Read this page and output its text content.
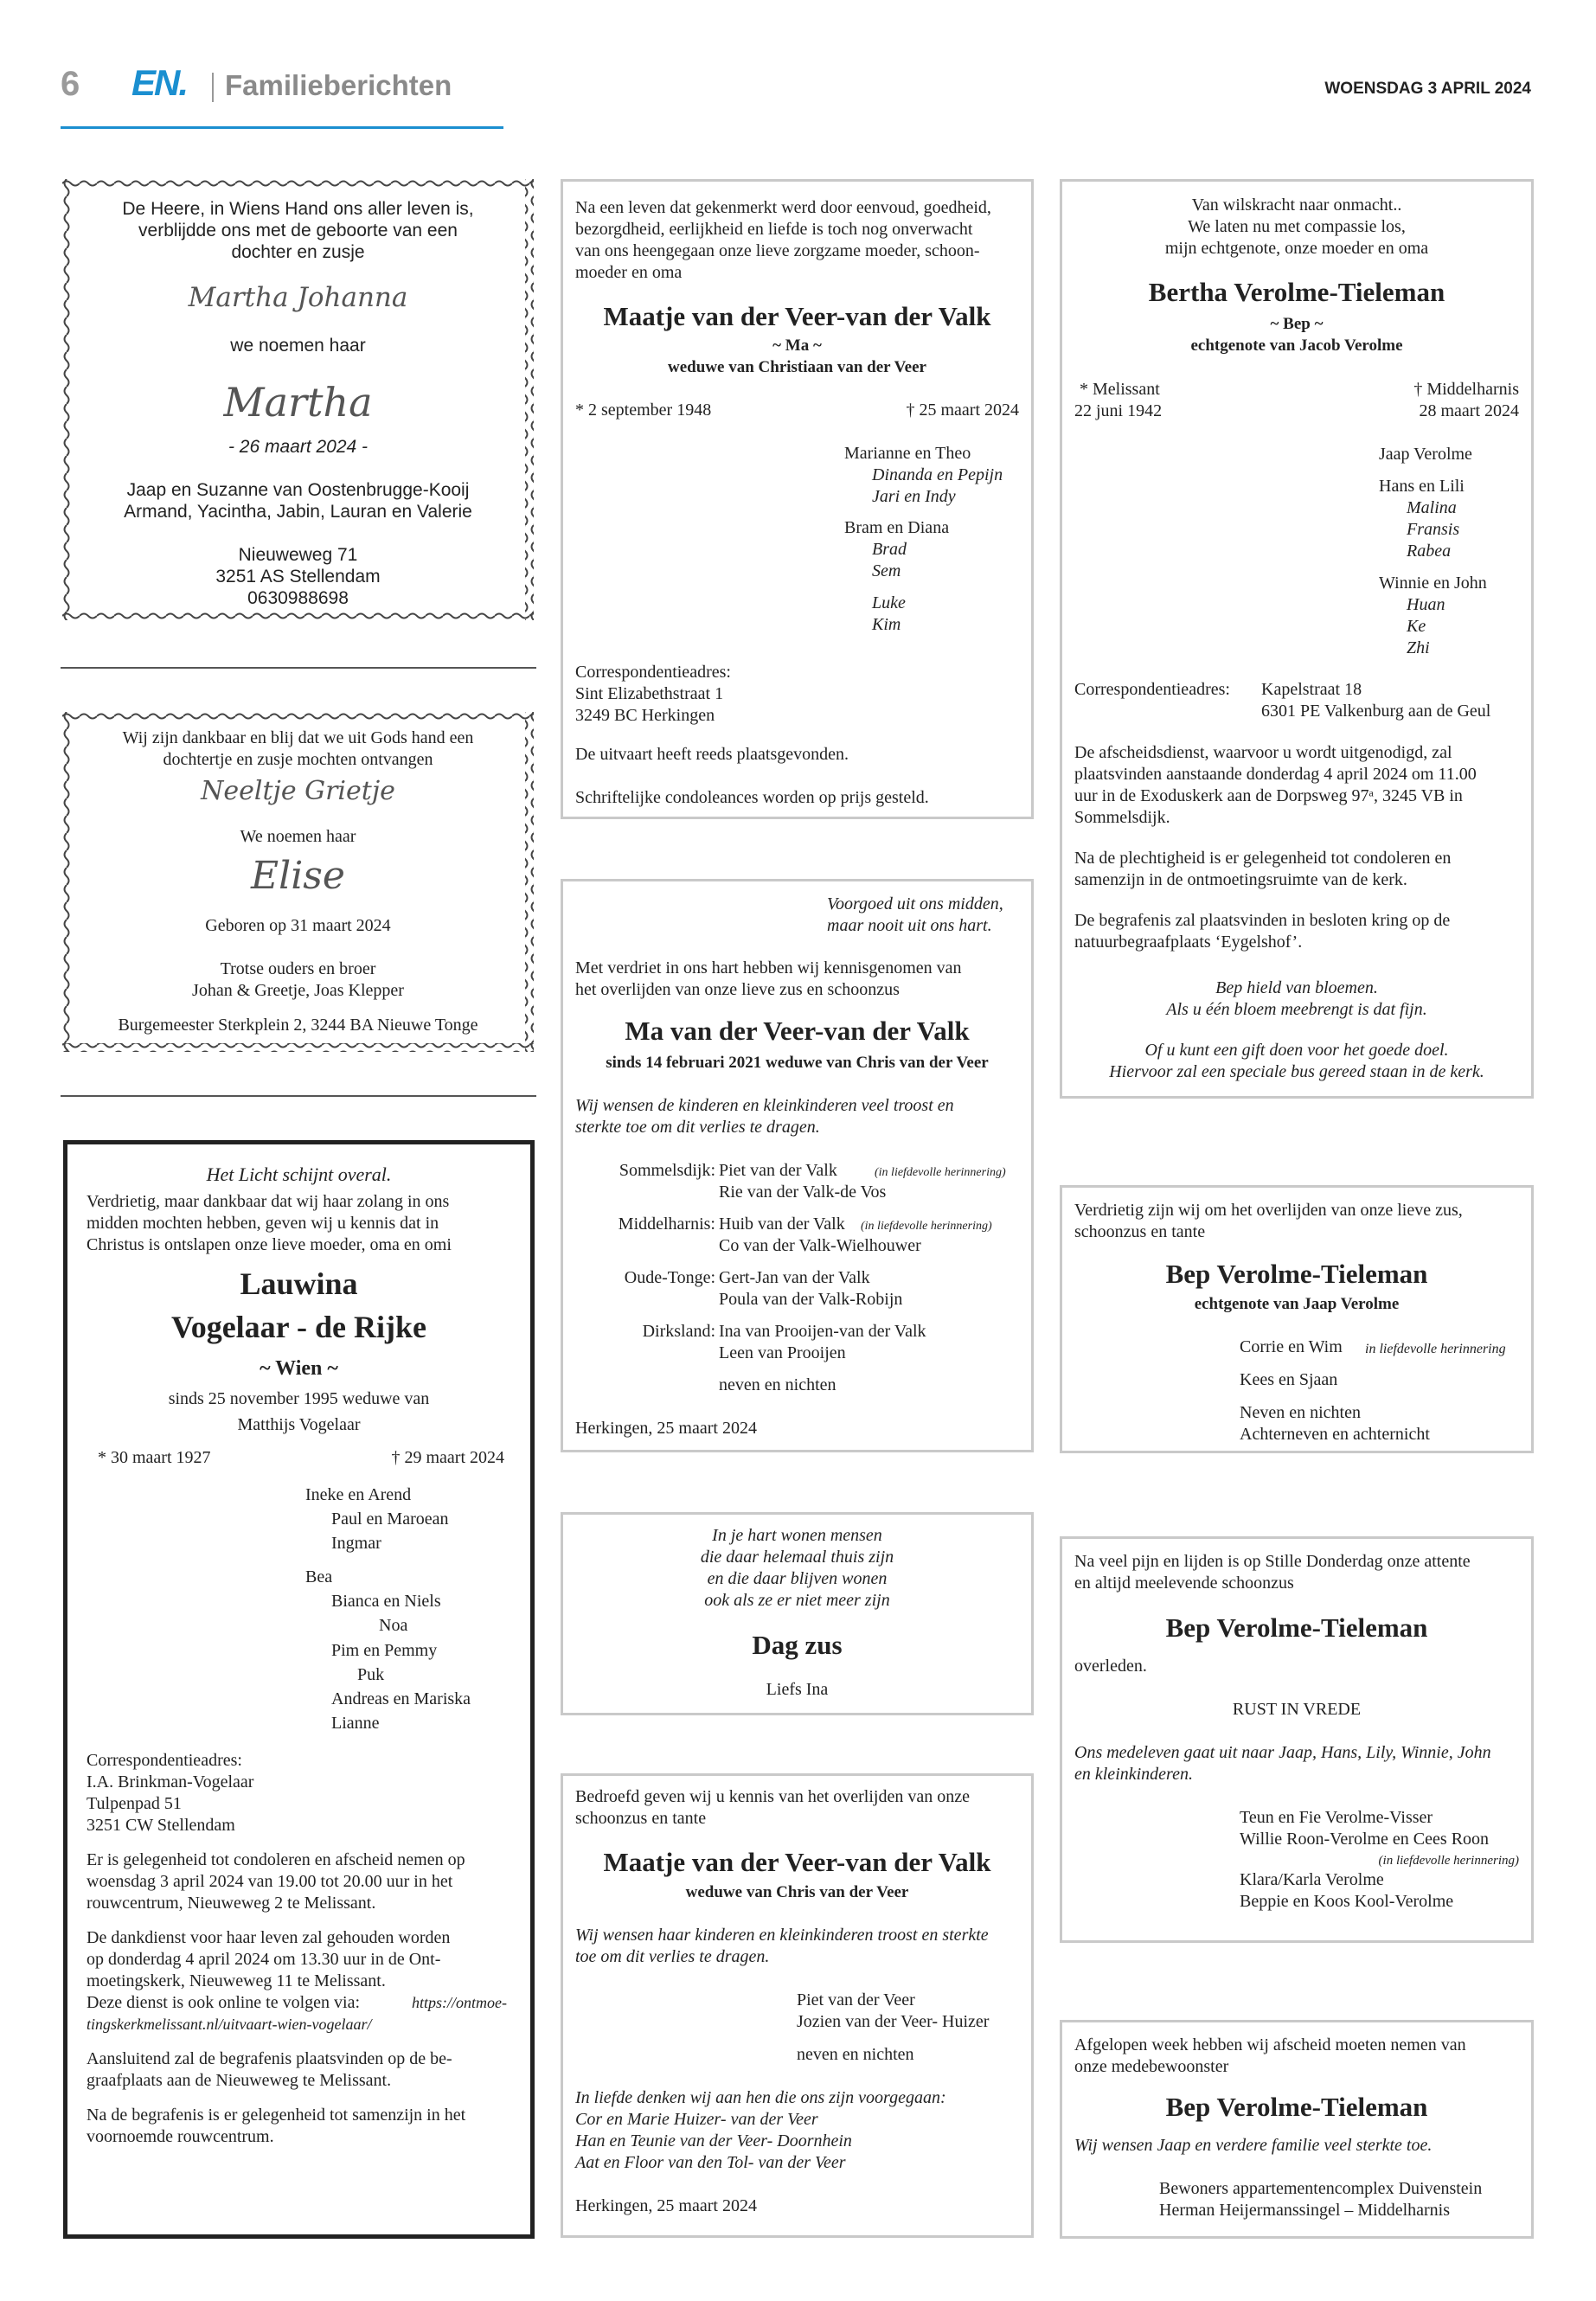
6 EN. Familieberichten	WOENSDAG 3 APRIL 2024
De Heere, in Wiens Hand ons aller leven is,
verblijdde ons met de geboorte van een
dochter en zusje
Martha Johanna
we noemen haar
Martha
- 26 maart 2024 -
Jaap en Suzanne van Oostenbrugge-Kooij
Armand, Yacintha, Jabin, Lauran en Valerie
Nieuweweg 71
3251 AS Stellendam
0630988698
Wij zijn dankbaar en blij dat we uit Gods hand een
dochtertje en zusje mochten ontvangen
Neeltje Grietje
We noemen haar
Elise
Geboren op 31 maart 2024
Trotse ouders en broer
Johan & Greetje, Joas Klepper
Burgemeester Sterkplein 2, 3244 BA Nieuwe Tonge
Het Licht schijnt overal.
Verdrietig, maar dankbaar dat wij haar zolang in ons
midden mochten hebben, geven wij u kennis dat in
Christus is ontslapen onze lieve moeder, oma en omi
Lauwina
Vogelaar - de Rijke
~ Wien ~
sinds 25 november 1995 weduwe van
Matthijs Vogelaar
* 30 maart 1927	† 29 maart 2024
Ineke en Arend
Paul en Maroean
Ingmar
Bea
Bianca en Niels
Noa
Pim en Pemmy
Puk
Andreas en Mariska
Lianne
Correspondentieadres:
I.A. Brinkman-Vogelaar
Tulpenpad 51
3251 CW Stellendam
Er is gelegenheid tot condoleren en afscheid nemen op
woensdag 3 april 2024 van 19.00 tot 20.00 uur in het
rouwcentrum, Nieuweweg 2 te Melissant.
De dankdienst voor haar leven zal gehouden worden
op donderdag 4 april 2024 om 13.30 uur in de Ont-
moetingskerk, Nieuweweg 11 te Melissant.
Deze dienst is ook online te volgen via:	https://ontmoe-
tingskerkmelissant.nl/uitvaart-wien-vogelaar/
Aansluitend zal de begrafenis plaatsvinden op de be-
graafplaats aan de Nieuweweg te Melissant.
Na de begrafenis is er gelegenheid tot samenzijn in het
voornoemde rouwcentrum.
Na een leven dat gekenmerkt werd door eenvoud, goedheid,
bezorgdheid, eerlijkheid en liefde is toch nog onverwacht
van ons heengegaan onze lieve zorgzame moeder, schoon-
moeder en oma
Maatje van der Veer-van der Valk
~ Ma ~
weduwe van Christiaan van der Veer
* 2 september 1948	† 25 maart 2024
Marianne en Theo
Dinanda en Pepijn
Jari en Indy
Bram en Diana
Brad
Sem
Luke
Kim
Correspondentieadres:
Sint Elizabethstraat 1
3249 BC Herkingen
De uitvaart heeft reeds plaatsgevonden.
Schriftelijke condoleances worden op prijs gesteld.
Voorgoed uit ons midden,
maar nooit uit ons hart.
Met verdriet in ons hart hebben wij kennisgenomen van
het overlijden van onze lieve zus en schoonzus
Ma van der Veer-van der Valk
sinds 14 februari 2021 weduwe van Chris van der Veer
Wij wensen de kinderen en kleinkinderen veel troost en
sterkte toe om dit verlies te dragen.
Sommelsdijk: Piet van der Valk	(in liefdevolle herinnering)
Rie van der Valk-de Vos
Middelharnis: Huib van der Valk (in liefdevolle herinnering)
Co van der Valk-Wielhouwer
Oude-Tonge: Gert-Jan van der Valk
Poula van der Valk-Robijn
Dirksland: Ina van Prooijen-van der Valk
Leen van Prooijen
neven en nichten
Herkingen, 25 maart 2024
In je hart wonen mensen
die daar helemaal thuis zijn
en die daar blijven wonen
ook als ze er niet meer zijn
Dag zus
Liefs Ina
Bedroefd geven wij u kennis van het overlijden van onze
schoonzus en tante
Maatje van der Veer-van der Valk
weduwe van Chris van der Veer
Wij wensen haar kinderen en kleinkinderen troost en sterkte
toe om dit verlies te dragen.
Piet van der Veer
Jozien van der Veer- Huizer
neven en nichten
In liefde denken wij aan hen die ons zijn voorgegaan:
Cor en Marie Huizer- van der Veer
Han en Teunie van der Veer- Doornhein
Aat en Floor van den Tol- van der Veer
Herkingen, 25 maart 2024
Van wilskracht naar onmacht..
We laten nu met compassie los,
mijn echtgenote, onze moeder en oma
Bertha Verolme-Tieleman
~ Bep ~
echtgenote van Jacob Verolme
* Melissant
22 juni 1942
† Middelharnis
28 maart 2024
Jaap Verolme
Hans en Lili
Malina
Fransis
Rabea
Winnie en John
Huan
Ke
Zhi
Correspondentieadres: Kapelstraat 18
6301 PE Valkenburg aan de Geul
De afscheidsdienst, waarvoor u wordt uitgenodigd, zal
plaatsvinden aanstaande donderdag 4 april 2024 om 11.00
uur in de Exoduskerk aan de Dorpsweg 97ᵃ, 3245 VB in
Sommelsdijk.
Na de plechtigheid is er gelegenheid tot condoleren en
samenzijn in de ontmoetingsruimte van de kerk.
De begrafenis zal plaatsvinden in besloten kring op de
natuurbegraafplaats ‘Eygelshof’.
Bep hield van bloemen.
Als u één bloem meebrengt is dat fijn.
Of u kunt een gift doen voor het goede doel.
Hiervoor zal een speciale bus gereed staan in de kerk.
Verdrietig zijn wij om het overlijden van onze lieve zus,
schoonzus en tante
Bep Verolme-Tieleman
echtgenote van Jaap Verolme
Corrie en Wim in liefdevolle herinnering
Kees en Sjaan
Neven en nichten
Achterneven en achternicht
Na veel pijn en lijden is op Stille Donderdag onze attente
en altijd meelevende schoonzus
Bep Verolme-Tieleman
overleden.
RUST IN VREDE
Ons medeleven gaat uit naar Jaap, Hans, Lily, Winnie, John
en kleinkinderen.
Teun en Fie Verolme-Visser
Willie Roon-Verolme en Cees Roon
(in liefdevolle herinnering)
Klara/Karla Verolme
Beppie en Koos Kool-Verolme
Afgelopen week hebben wij afscheid moeten nemen van
onze medebewoonster
Bep Verolme-Tieleman
Wij wensen Jaap en verdere familie veel sterkte toe.
Bewoners appartementencomplex Duivenstein
Herman Heijermanssingel – Middelharnis
